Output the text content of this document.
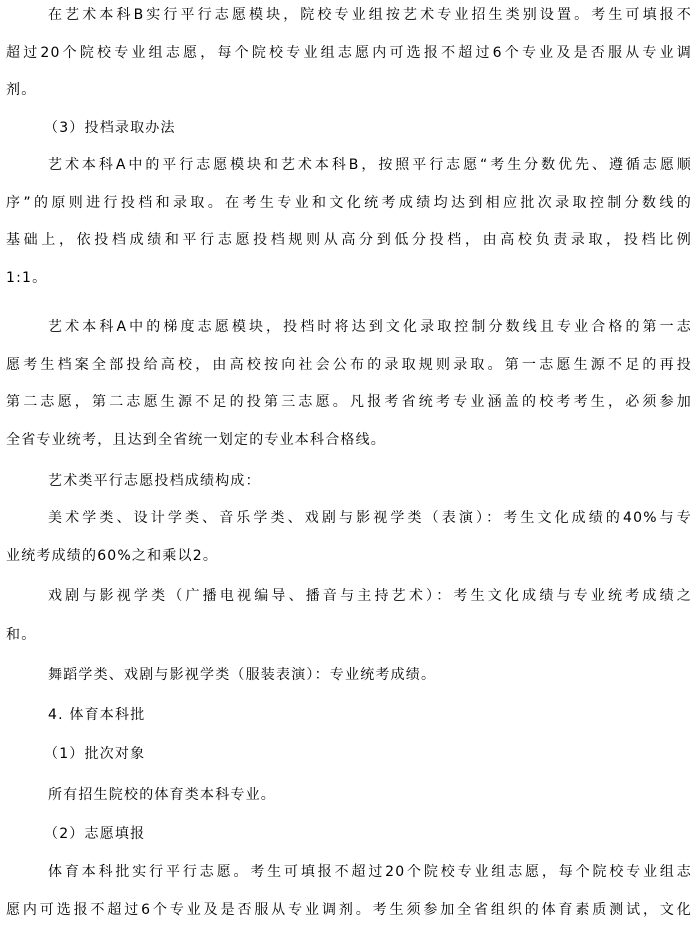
在艺术本科B实行平行志愿模块，院校专业组按艺术专业招生类别设置。考生可填报不
超过20个院校专业组志愿，每个院校专业组志愿内可选报不超过6个专业及是否服从专业调
剂。
（3）投档录取办法
艺术本科A中的平行志愿模块和艺术本科B，按照平行志愿“考生分数优先、遵循志愿顺
序”的原则进行投档和录取。在考生专业和文化统考成绩均达到相应批次录取控制分数线的
基础上，依投档成绩和平行志愿投档规则从高分到低分投档，由高校负责录取，投档比例
1:1。
艺术本科A中的梯度志愿模块，投档时将达到文化录取控制分数线且专业合格的第一志
愿考生档案全部投给高校，由高校按向社会公布的录取规则录取。第一志愿生源不足的再投
第二志愿，第二志愿生源不足的投第三志愿。凡报考省统考专业涵盖的校考考生，必须参加
全省专业统考，且达到全省统一划定的专业本科合格线。
艺术类平行志愿投档成绩构成：
美术学类、设计学类、音乐学类、戏剧与影视学类（表演）：考生文化成绩的40%与专
业统考成绩的60%之和乘以2。
戏剧与影视学类（广播电视编导、播音与主持艺术）：考生文化成绩与专业统考成绩之
和。
舞蹈学类、戏剧与影视学类（服装表演）：专业统考成绩。
4. 体育本科批
（1）批次对象
所有招生院校的体育类本科专业。
（2）志愿填报
体育本科批实行平行志愿。考生可填报不超过20个院校专业组志愿，每个院校专业组志
愿内可选报不超过6个专业及是否服从专业调剂。考生须参加全省组织的体育素质测试，文化
